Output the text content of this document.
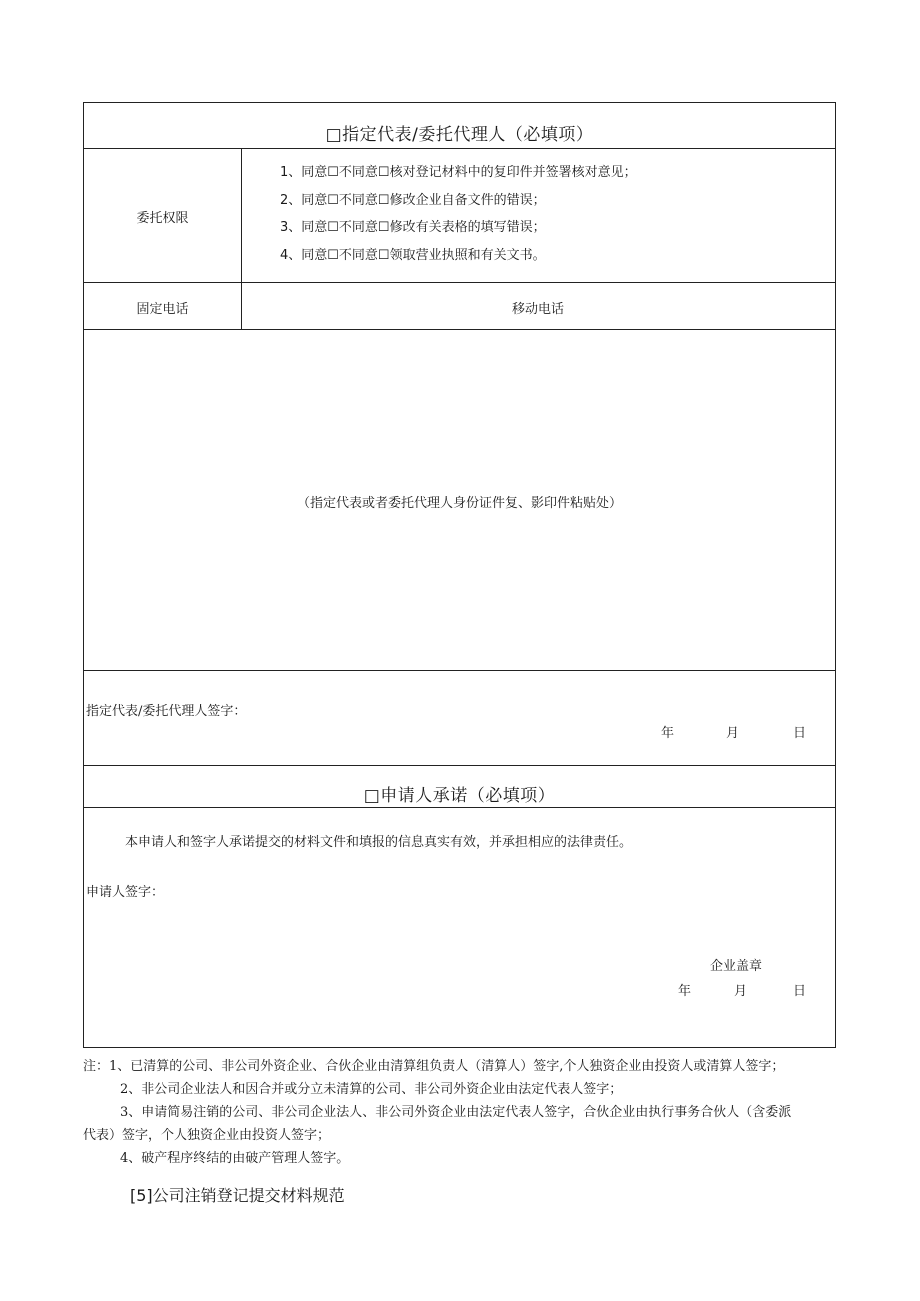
□指定代表/委托代理人（必填项）
委托权限
1、同意☐不同意☐核对登记材料中的复印件并签署核对意见；
2、同意☐不同意☐修改企业自备文件的错误；
3、同意☐不同意☐修改有关表格的填写错误；
4、同意☐不同意☐领取营业执照和有关文书。
固定电话	移动电话
（指定代表或者委托代理人身份证件复、影印件粘贴处）
指定代表/委托代理人签字：
年	月	日
□申请人承诺（必填项）
本申请人和签字人承诺提交的材料文件和填报的信息真实有效，并承担相应的法律责任。
申请人签字：
企业盖章
年	月	日
注：1、已清算的公司、非公司外资企业、合伙企业由清算组负责人（清算人）签字,个人独资企业由投资人或清算人签字；
2、非公司企业法人和因合并或分立未清算的公司、非公司外资企业由法定代表人签字；
3、申请简易注销的公司、非公司企业法人、非公司外资企业由法定代表人签字，合伙企业由执行事务合伙人（含委派
代表）签字，个人独资企业由投资人签字；
4、破产程序终结的由破产管理人签字。
[5]公司注销登记提交材料规范
